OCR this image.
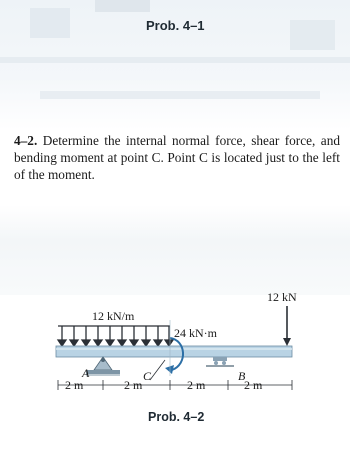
Prob. 4–1
4–2. Determine the internal normal force, shear force, and bending moment at point C. Point C is located just to the left of the moment.
12 kN/m
24 kN·m
12 kN
A	C	B
2 m	2 m	2 m	2 m
Prob. 4–2
